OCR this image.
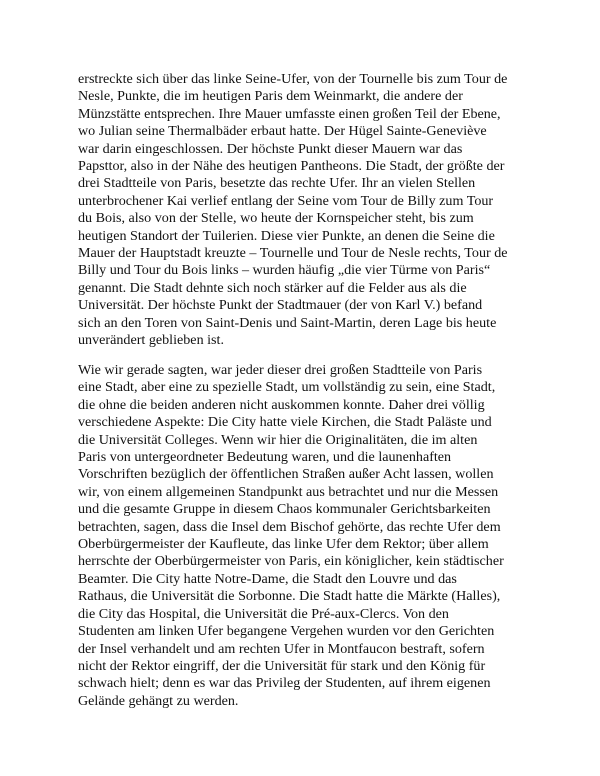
erstreckte sich über das linke Seine-Ufer, von der Tournelle bis zum Tour de
Nesle, Punkte, die im heutigen Paris dem Weinmarkt, die andere der
Münzstätte entsprechen. Ihre Mauer umfasste einen großen Teil der Ebene,
wo Julian seine Thermalbäder erbaut hatte. Der Hügel Sainte-Geneviève
war darin eingeschlossen. Der höchste Punkt dieser Mauern war das
Papsttor, also in der Nähe des heutigen Pantheons. Die Stadt, der größte der
drei Stadtteile von Paris, besetzte das rechte Ufer. Ihr an vielen Stellen
unterbrochener Kai verlief entlang der Seine vom Tour de Billy zum Tour
du Bois, also von der Stelle, wo heute der Kornspeicher steht, bis zum
heutigen Standort der Tuilerien. Diese vier Punkte, an denen die Seine die
Mauer der Hauptstadt kreuzte – Tournelle und Tour de Nesle rechts, Tour de
Billy und Tour du Bois links – wurden häufig „die vier Türme von Paris“
genannt. Die Stadt dehnte sich noch stärker auf die Felder aus als die
Universität. Der höchste Punkt der Stadtmauer (der von Karl V.) befand
sich an den Toren von Saint-Denis und Saint-Martin, deren Lage bis heute
unverändert geblieben ist.
Wie wir gerade sagten, war jeder dieser drei großen Stadtteile von Paris
eine Stadt, aber eine zu spezielle Stadt, um vollständig zu sein, eine Stadt,
die ohne die beiden anderen nicht auskommen konnte. Daher drei völlig
verschiedene Aspekte: Die City hatte viele Kirchen, die Stadt Paläste und
die Universität Colleges. Wenn wir hier die Originalitäten, die im alten
Paris von untergeordneter Bedeutung waren, und die launenhaften
Vorschriften bezüglich der öffentlichen Straßen außer Acht lassen, wollen
wir, von einem allgemeinen Standpunkt aus betrachtet und nur die Messen
und die gesamte Gruppe in diesem Chaos kommunaler Gerichtsbarkeiten
betrachten, sagen, dass die Insel dem Bischof gehörte, das rechte Ufer dem
Oberbürgermeister der Kaufleute, das linke Ufer dem Rektor; über allem
herrschte der Oberbürgermeister von Paris, ein königlicher, kein städtischer
Beamter. Die City hatte Notre-Dame, die Stadt den Louvre und das
Rathaus, die Universität die Sorbonne. Die Stadt hatte die Märkte (Halles),
die City das Hospital, die Universität die Pré-aux-Clercs. Von den
Studenten am linken Ufer begangene Vergehen wurden vor den Gerichten
der Insel verhandelt und am rechten Ufer in Montfaucon bestraft, sofern
nicht der Rektor eingriff, der die Universität für stark und den König für
schwach hielt; denn es war das Privileg der Studenten, auf ihrem eigenen
Gelände gehängt zu werden.
